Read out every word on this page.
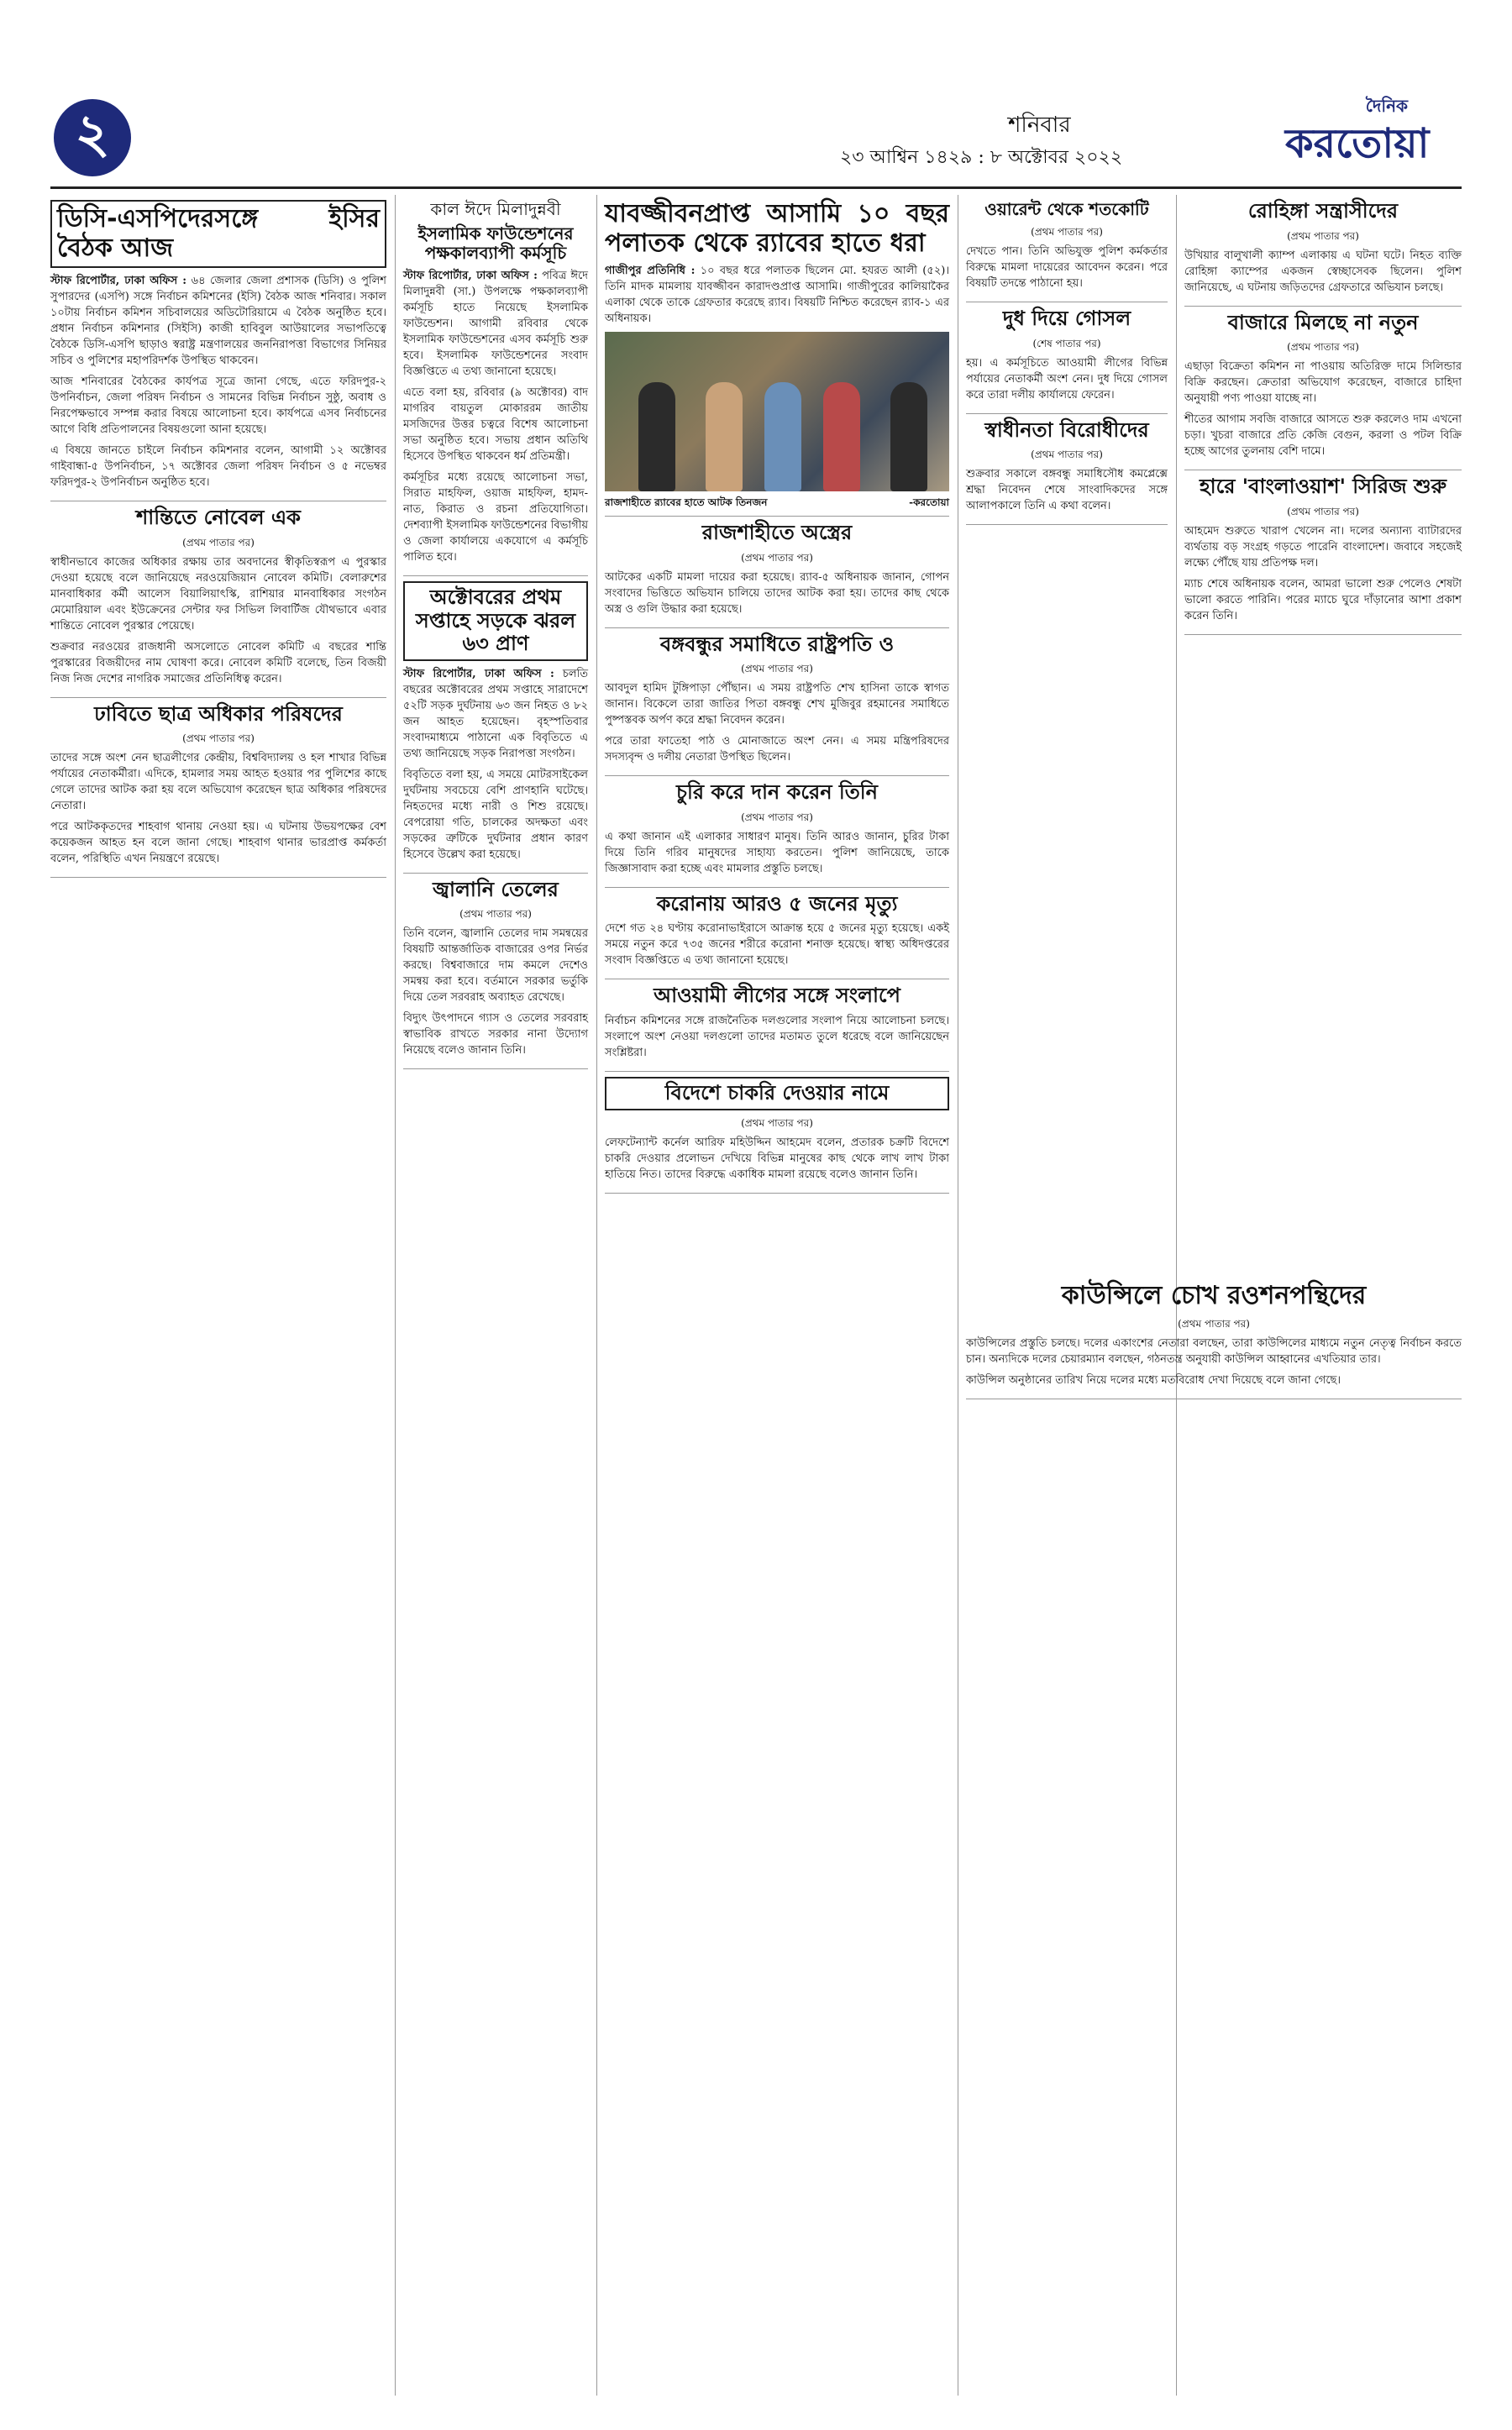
২	শনিবার
২৩ আশ্বিন ১৪২৯ : ৮ অক্টোবর ২০২২
দৈনিক
করতোয়া
ডিসি-এসপিদেরসঙ্গে ইসির বৈঠক আজ

স্টাফ রিপোর্টার, ঢাকা অফিস : ৬৪ জেলার জেলা প্রশাসক (ডিসি) ও পুলিশ সুপারদের (এসপি) সঙ্গে নির্বাচন কমিশনের (ইসি) বৈঠক আজ শনিবার। সকাল ১০টায় নির্বাচন কমিশন সচিবালয়ের অডিটোরিয়ামে এ বৈঠক অনুষ্ঠিত হবে। প্রধান নির্বাচন কমিশনার (সিইসি) কাজী হাবিবুল আউয়ালের সভাপতিত্বে বৈঠকে ডিসি-এসপি ছাড়াও স্বরাষ্ট্র মন্ত্রণালয়ের জননিরাপত্তা বিভাগের সিনিয়র সচিব ও পুলিশের মহাপরিদর্শক উপস্থিত থাকবেন।

আজ শনিবারের বৈঠকের কার্যপত্র সূত্রে জানা গেছে, এতে ফরিদপুর-২ উপনির্বাচন, জেলা পরিষদ নির্বাচন ও সামনের বিভিন্ন নির্বাচন সুষ্ঠু, অবাধ ও নিরপেক্ষভাবে সম্পন্ন করার বিষয়ে আলোচনা হবে। কার্যপত্রে এসব নির্বাচনের আগে বিধি প্রতিপালনের বিষয়গুলো আনা হয়েছে।

এ বিষয়ে জানতে চাইলে নির্বাচন কমিশনার বলেন, আগামী ১২ অক্টোবর গাইবান্ধা-৫ উপনির্বাচন, ১৭ অক্টোবর জেলা পরিষদ নির্বাচন ও ৫ নভেম্বর ফরিদপুর-২ উপনির্বাচন অনুষ্ঠিত হবে।

শান্তিতে নোবেল এক
(প্রথম পাতার পর)

স্বাধীনভাবে কাজের অধিকার রক্ষায় তার অবদানের স্বীকৃতিস্বরূপ এ পুরস্কার দেওয়া হয়েছে বলে জানিয়েছে নরওয়েজিয়ান নোবেল কমিটি। বেলারুশের মানবাধিকার কর্মী আলেস বিয়ালিয়াৎস্কি, রাশিয়ার মানবাধিকার সংগঠন মেমোরিয়াল এবং ইউক্রেনের সেন্টার ফর সিভিল লিবার্টিজ যৌথভাবে এবার শান্তিতে নোবেল পুরস্কার পেয়েছে।

শুক্রবার নরওয়ের রাজধানী অসলোতে নোবেল কমিটি এ বছরের শান্তি পুরস্কারের বিজয়ীদের নাম ঘোষণা করে। নোবেল কমিটি বলেছে, তিন বিজয়ী নিজ নিজ দেশের নাগরিক সমাজের প্রতিনিধিত্ব করেন।

ঢাবিতে ছাত্র অধিকার পরিষদের
(প্রথম পাতার পর)

তাদের সঙ্গে অংশ নেন ছাত্রলীগের কেন্দ্রীয়, বিশ্ববিদ্যালয় ও হল শাখার বিভিন্ন পর্যায়ের নেতাকর্মীরা। এদিকে, হামলার সময় আহত হওয়ার পর পুলিশের কাছে গেলে তাদের আটক করা হয় বলে অভিযোগ করেছেন ছাত্র অধিকার পরিষদের নেতারা।

পরে আটককৃতদের শাহবাগ থানায় নেওয়া হয়। এ ঘটনায় উভয়পক্ষের বেশ কয়েকজন আহত হন বলে জানা গেছে। শাহবাগ থানার ভারপ্রাপ্ত কর্মকর্তা বলেন, পরিস্থিতি এখন নিয়ন্ত্রণে রয়েছে।

কাল ঈদে মিলাদুন্নবী
ইসলামিক ফাউন্ডেশনের পক্ষকালব্যাপী কর্মসূচি

স্টাফ রিপোর্টার, ঢাকা অফিস : পবিত্র ঈদে মিলাদুন্নবী (সা.) উপলক্ষে পক্ষকালব্যাপী কর্মসূচি হাতে নিয়েছে ইসলামিক ফাউন্ডেশন। আগামী রবিবার থেকে ইসলামিক ফাউন্ডেশনের এসব কর্মসূচি শুরু হবে। ইসলামিক ফাউন্ডেশনের সংবাদ বিজ্ঞপ্তিতে এ তথ্য জানানো হয়েছে।

এতে বলা হয়, রবিবার (৯ অক্টোবর) বাদ মাগরিব বায়তুল মোকাররম জাতীয় মসজিদের উত্তর চত্বরে বিশেষ আলোচনা সভা অনুষ্ঠিত হবে। সভায় প্রধান অতিথি হিসেবে উপস্থিত থাকবেন ধর্ম প্রতিমন্ত্রী।

কর্মসূচির মধ্যে রয়েছে আলোচনা সভা, সিরাত মাহফিল, ওয়াজ মাহফিল, হামদ-নাত, কিরাত ও রচনা প্রতিযোগিতা। দেশব্যাপী ইসলামিক ফাউন্ডেশনের বিভাগীয় ও জেলা কার্যালয়ে একযোগে এ কর্মসূচি পালিত হবে।

অক্টোবরের প্রথম সপ্তাহে সড়কে ঝরল ৬৩ প্রাণ

স্টাফ রিপোর্টার, ঢাকা অফিস : চলতি বছরের অক্টোবরের প্রথম সপ্তাহে সারাদেশে ৫২টি সড়ক দুর্ঘটনায় ৬৩ জন নিহত ও ৮২ জন আহত হয়েছেন। বৃহস্পতিবার সংবাদমাধ্যমে পাঠানো এক বিবৃতিতে এ তথ্য জানিয়েছে সড়ক নিরাপত্তা সংগঠন।

বিবৃতিতে বলা হয়, এ সময়ে মোটরসাইকেল দুর্ঘটনায় সবচেয়ে বেশি প্রাণহানি ঘটেছে। নিহতদের মধ্যে নারী ও শিশু রয়েছে। বেপরোয়া গতি, চালকের অদক্ষতা এবং সড়কের ত্রুটিকে দুর্ঘটনার প্রধান কারণ হিসেবে উল্লেখ করা হয়েছে।

জ্বালানি তেলের
(প্রথম পাতার পর)

তিনি বলেন, জ্বালানি তেলের দাম সমন্বয়ের বিষয়টি আন্তর্জাতিক বাজারের ওপর নির্ভর করছে। বিশ্ববাজারে দাম কমলে দেশেও সমন্বয় করা হবে। বর্তমানে সরকার ভর্তুকি দিয়ে তেল সরবরাহ অব্যাহত রেখেছে।

বিদ্যুৎ উৎপাদনে গ্যাস ও তেলের সরবরাহ স্বাভাবিক রাখতে সরকার নানা উদ্যোগ নিয়েছে বলেও জানান তিনি।

যাবজ্জীবনপ্রাপ্ত আসামি ১০ বছর পলাতক থেকে র‍্যাবের হাতে ধরা

গাজীপুর প্রতিনিধি : ১০ বছর ধরে পলাতক ছিলেন মো. হযরত আলী (৫২)। তিনি মাদক মামলায় যাবজ্জীবন কারাদণ্ডপ্রাপ্ত আসামি। গাজীপুরের কালিয়াকৈর এলাকা থেকে তাকে গ্রেফতার করেছে র‍্যাব। বিষয়টি নিশ্চিত করেছেন র‍্যাব-১ এর অধিনায়ক।

রাজশাহীতে র‍্যাবের হাতে আটক তিনজন	-করতোয়া
রাজশাহীতে অস্ত্রের
(প্রথম পাতার পর)

আটকের একটি মামলা দায়ের করা হয়েছে। র‍্যাব-৫ অধিনায়ক জানান, গোপন সংবাদের ভিত্তিতে অভিযান চালিয়ে তাদের আটক করা হয়। তাদের কাছ থেকে অস্ত্র ও গুলি উদ্ধার করা হয়েছে।

বঙ্গবন্ধুর সমাধিতে রাষ্ট্রপতি ও
(প্রথম পাতার পর)

আবদুল হামিদ টুঙ্গিপাড়া পৌঁছান। এ সময় রাষ্ট্রপতি শেখ হাসিনা তাকে স্বাগত জানান। বিকেলে তারা জাতির পিতা বঙ্গবন্ধু শেখ মুজিবুর রহমানের সমাধিতে পুষ্পস্তবক অর্পণ করে শ্রদ্ধা নিবেদন করেন।

পরে তারা ফাতেহা পাঠ ও মোনাজাতে অংশ নেন। এ সময় মন্ত্রিপরিষদের সদস্যবৃন্দ ও দলীয় নেতারা উপস্থিত ছিলেন।

চুরি করে দান করেন তিনি
(প্রথম পাতার পর)

এ কথা জানান এই এলাকার সাধারণ মানুষ। তিনি আরও জানান, চুরির টাকা দিয়ে তিনি গরিব মানুষদের সাহায্য করতেন। পুলিশ জানিয়েছে, তাকে জিজ্ঞাসাবাদ করা হচ্ছে এবং মামলার প্রস্তুতি চলছে।

করোনায় আরও ৫ জনের মৃত্যু

দেশে গত ২৪ ঘণ্টায় করোনাভাইরাসে আক্রান্ত হয়ে ৫ জনের মৃত্যু হয়েছে। একই সময়ে নতুন করে ৭৩৫ জনের শরীরে করোনা শনাক্ত হয়েছে। স্বাস্থ্য অধিদপ্তরের সংবাদ বিজ্ঞপ্তিতে এ তথ্য জানানো হয়েছে।

আওয়ামী লীগের সঙ্গে সংলাপে

নির্বাচন কমিশনের সঙ্গে রাজনৈতিক দলগুলোর সংলাপ নিয়ে আলোচনা চলছে। সংলাপে অংশ নেওয়া দলগুলো তাদের মতামত তুলে ধরেছে বলে জানিয়েছেন সংশ্লিষ্টরা।

বিদেশে চাকরি দেওয়ার নামে
(প্রথম পাতার পর)

লেফটেন্যান্ট কর্নেল আরিফ মহিউদ্দিন আহমেদ বলেন, প্রতারক চক্রটি বিদেশে চাকরি দেওয়ার প্রলোভন দেখিয়ে বিভিন্ন মানুষের কাছ থেকে লাখ লাখ টাকা হাতিয়ে নিত। তাদের বিরুদ্ধে একাধিক মামলা রয়েছে বলেও জানান তিনি।

ওয়ারেন্ট থেকে শতকোটি
(প্রথম পাতার পর)

দেখতে পান। তিনি অভিযুক্ত পুলিশ কর্মকর্তার বিরুদ্ধে মামলা দায়েরের আবেদন করেন। পরে বিষয়টি তদন্তে পাঠানো হয়।

দুধ দিয়ে গোসল
(শেষ পাতার পর)

হয়। এ কর্মসূচিতে আওয়ামী লীগের বিভিন্ন পর্যায়ের নেতাকর্মী অংশ নেন। দুধ দিয়ে গোসল করে তারা দলীয় কার্যালয়ে ফেরেন।

স্বাধীনতা বিরোধীদের
(প্রথম পাতার পর)

শুক্রবার সকালে বঙ্গবন্ধু সমাধিসৌধ কমপ্লেক্সে শ্রদ্ধা নিবেদন শেষে সাংবাদিকদের সঙ্গে আলাপকালে তিনি এ কথা বলেন।

রোহিঙ্গা সন্ত্রাসীদের
(প্রথম পাতার পর)

উখিয়ার বালুখালী ক্যাম্প এলাকায় এ ঘটনা ঘটে। নিহত ব্যক্তি রোহিঙ্গা ক্যাম্পের একজন স্বেচ্ছাসেবক ছিলেন। পুলিশ জানিয়েছে, এ ঘটনায় জড়িতদের গ্রেফতারে অভিযান চলছে।

বাজারে মিলছে না নতুন
(প্রথম পাতার পর)

এছাড়া বিক্রেতা কমিশন না পাওয়ায় অতিরিক্ত দামে সিলিন্ডার বিক্রি করছেন। ক্রেতারা অভিযোগ করেছেন, বাজারে চাহিদা অনুযায়ী পণ্য পাওয়া যাচ্ছে না।

শীতের আগাম সবজি বাজারে আসতে শুরু করলেও দাম এখনো চড়া। খুচরা বাজারে প্রতি কেজি বেগুন, করলা ও পটল বিক্রি হচ্ছে আগের তুলনায় বেশি দামে।

হারে 'বাংলাওয়াশ' সিরিজ শুরু
(প্রথম পাতার পর)

আহমেদ শুরুতে খারাপ খেলেন না। দলের অন্যান্য ব্যাটারদের ব্যর্থতায় বড় সংগ্রহ গড়তে পারেনি বাংলাদেশ। জবাবে সহজেই লক্ষ্যে পৌঁছে যায় প্রতিপক্ষ দল।

ম্যাচ শেষে অধিনায়ক বলেন, আমরা ভালো শুরু পেলেও শেষটা ভালো করতে পারিনি। পরের ম্যাচে ঘুরে দাঁড়ানোর আশা প্রকাশ করেন তিনি।

কাউন্সিলে চোখ রওশনপন্থিদের
(প্রথম পাতার পর)

কাউন্সিলের প্রস্তুতি চলছে। দলের একাংশের নেতারা বলছেন, তারা কাউন্সিলের মাধ্যমে নতুন নেতৃত্ব নির্বাচন করতে চান। অন্যদিকে দলের চেয়ারম্যান বলছেন, গঠনতন্ত্র অনুযায়ী কাউন্সিল আহ্বানের এখতিয়ার তার।

কাউন্সিল অনুষ্ঠানের তারিখ নিয়ে দলের মধ্যে মতবিরোধ দেখা দিয়েছে বলে জানা গেছে।
